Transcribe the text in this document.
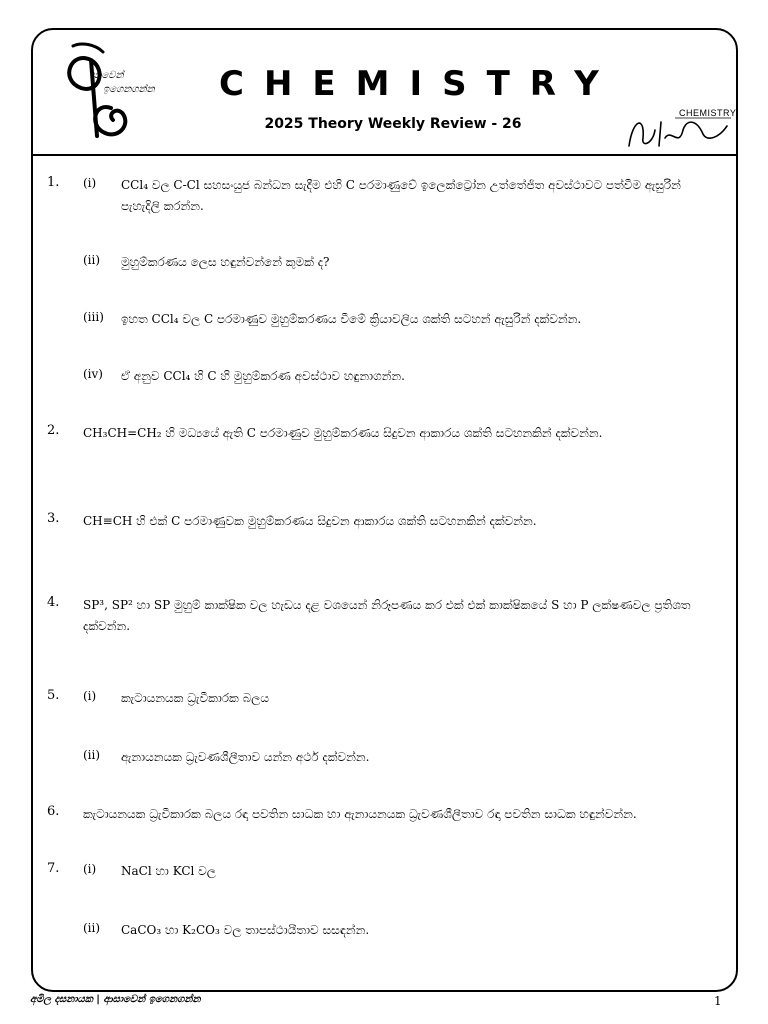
සාවෙන්
ඉගෙනගන්න CHEMISTRY
2025 Theory Weekly Review - 26
CHEMISTRY
1.	(i)	CCl₄ වල C-Cl සහසංයුජ බන්ධන සැදීම එහි C පරමාණුවේ ඉලෙක්ට්‍රෝන උත්තේජිත අවස්ථාවට පත්වීම ඇසුරින් පැහැදිලි කරන්න.
(ii)	මුහුම්කරණය ලෙස හඳුන්වන්නේ කුමක් ද?
(iii)	ඉහත CCl₄ වල C පරමාණුව මුහුම්කරණය වීමේ ක්‍රියාවලිය ශක්ති සටහන් ඇසුරින් දක්වන්න.
(iv)	ඒ අනුව CCl₄ හි C හි මුහුම්කරණ අවස්ථාව හඳුනාගන්න.
2.	CH₃CH=CH₂ හි මධ්‍යයේ ඇති C පරමාණුව මුහුම්කරණය සිදුවන ආකාරය ශක්ති සටහනකින් දක්වන්න.
3.	CH≡CH හි එක් C පරමාණුවක මුහුම්කරණය සිදුවන ආකාරය ශක්ති සටහනකින් දක්වන්න.
4.	SP³, SP² හා SP මුහුම් කාක්ෂික වල හැඩය දළ වශයෙන් නිරූපණය කර එක් එක් කාක්ෂිකයේ S හා P ලක්ෂණවල ප්‍රතිශත දක්වන්න.
5.	(i)	කැටායනයක ධ්‍රැවීකාරක බලය
(ii)	ඇනායනයක ධ්‍රැවණශීලීතාව යන්න අර්ථ දක්වන්න.
6.	කැටායනයක ධ්‍රැවීකාරක බලය රඳා පවතින සාධක හා ඇනායනයක ධ්‍රැවණශීලීතාව රඳා පවතින සාධක හඳුන්වන්න.
7.	(i)	NaCl හා KCl වල
(ii)	CaCO₃ හා K₂CO₃ වල තාපස්ථායීතාව සසඳන්න.
අමිල දසනායක | ආසාවෙන් ඉගෙනගන්න	1
